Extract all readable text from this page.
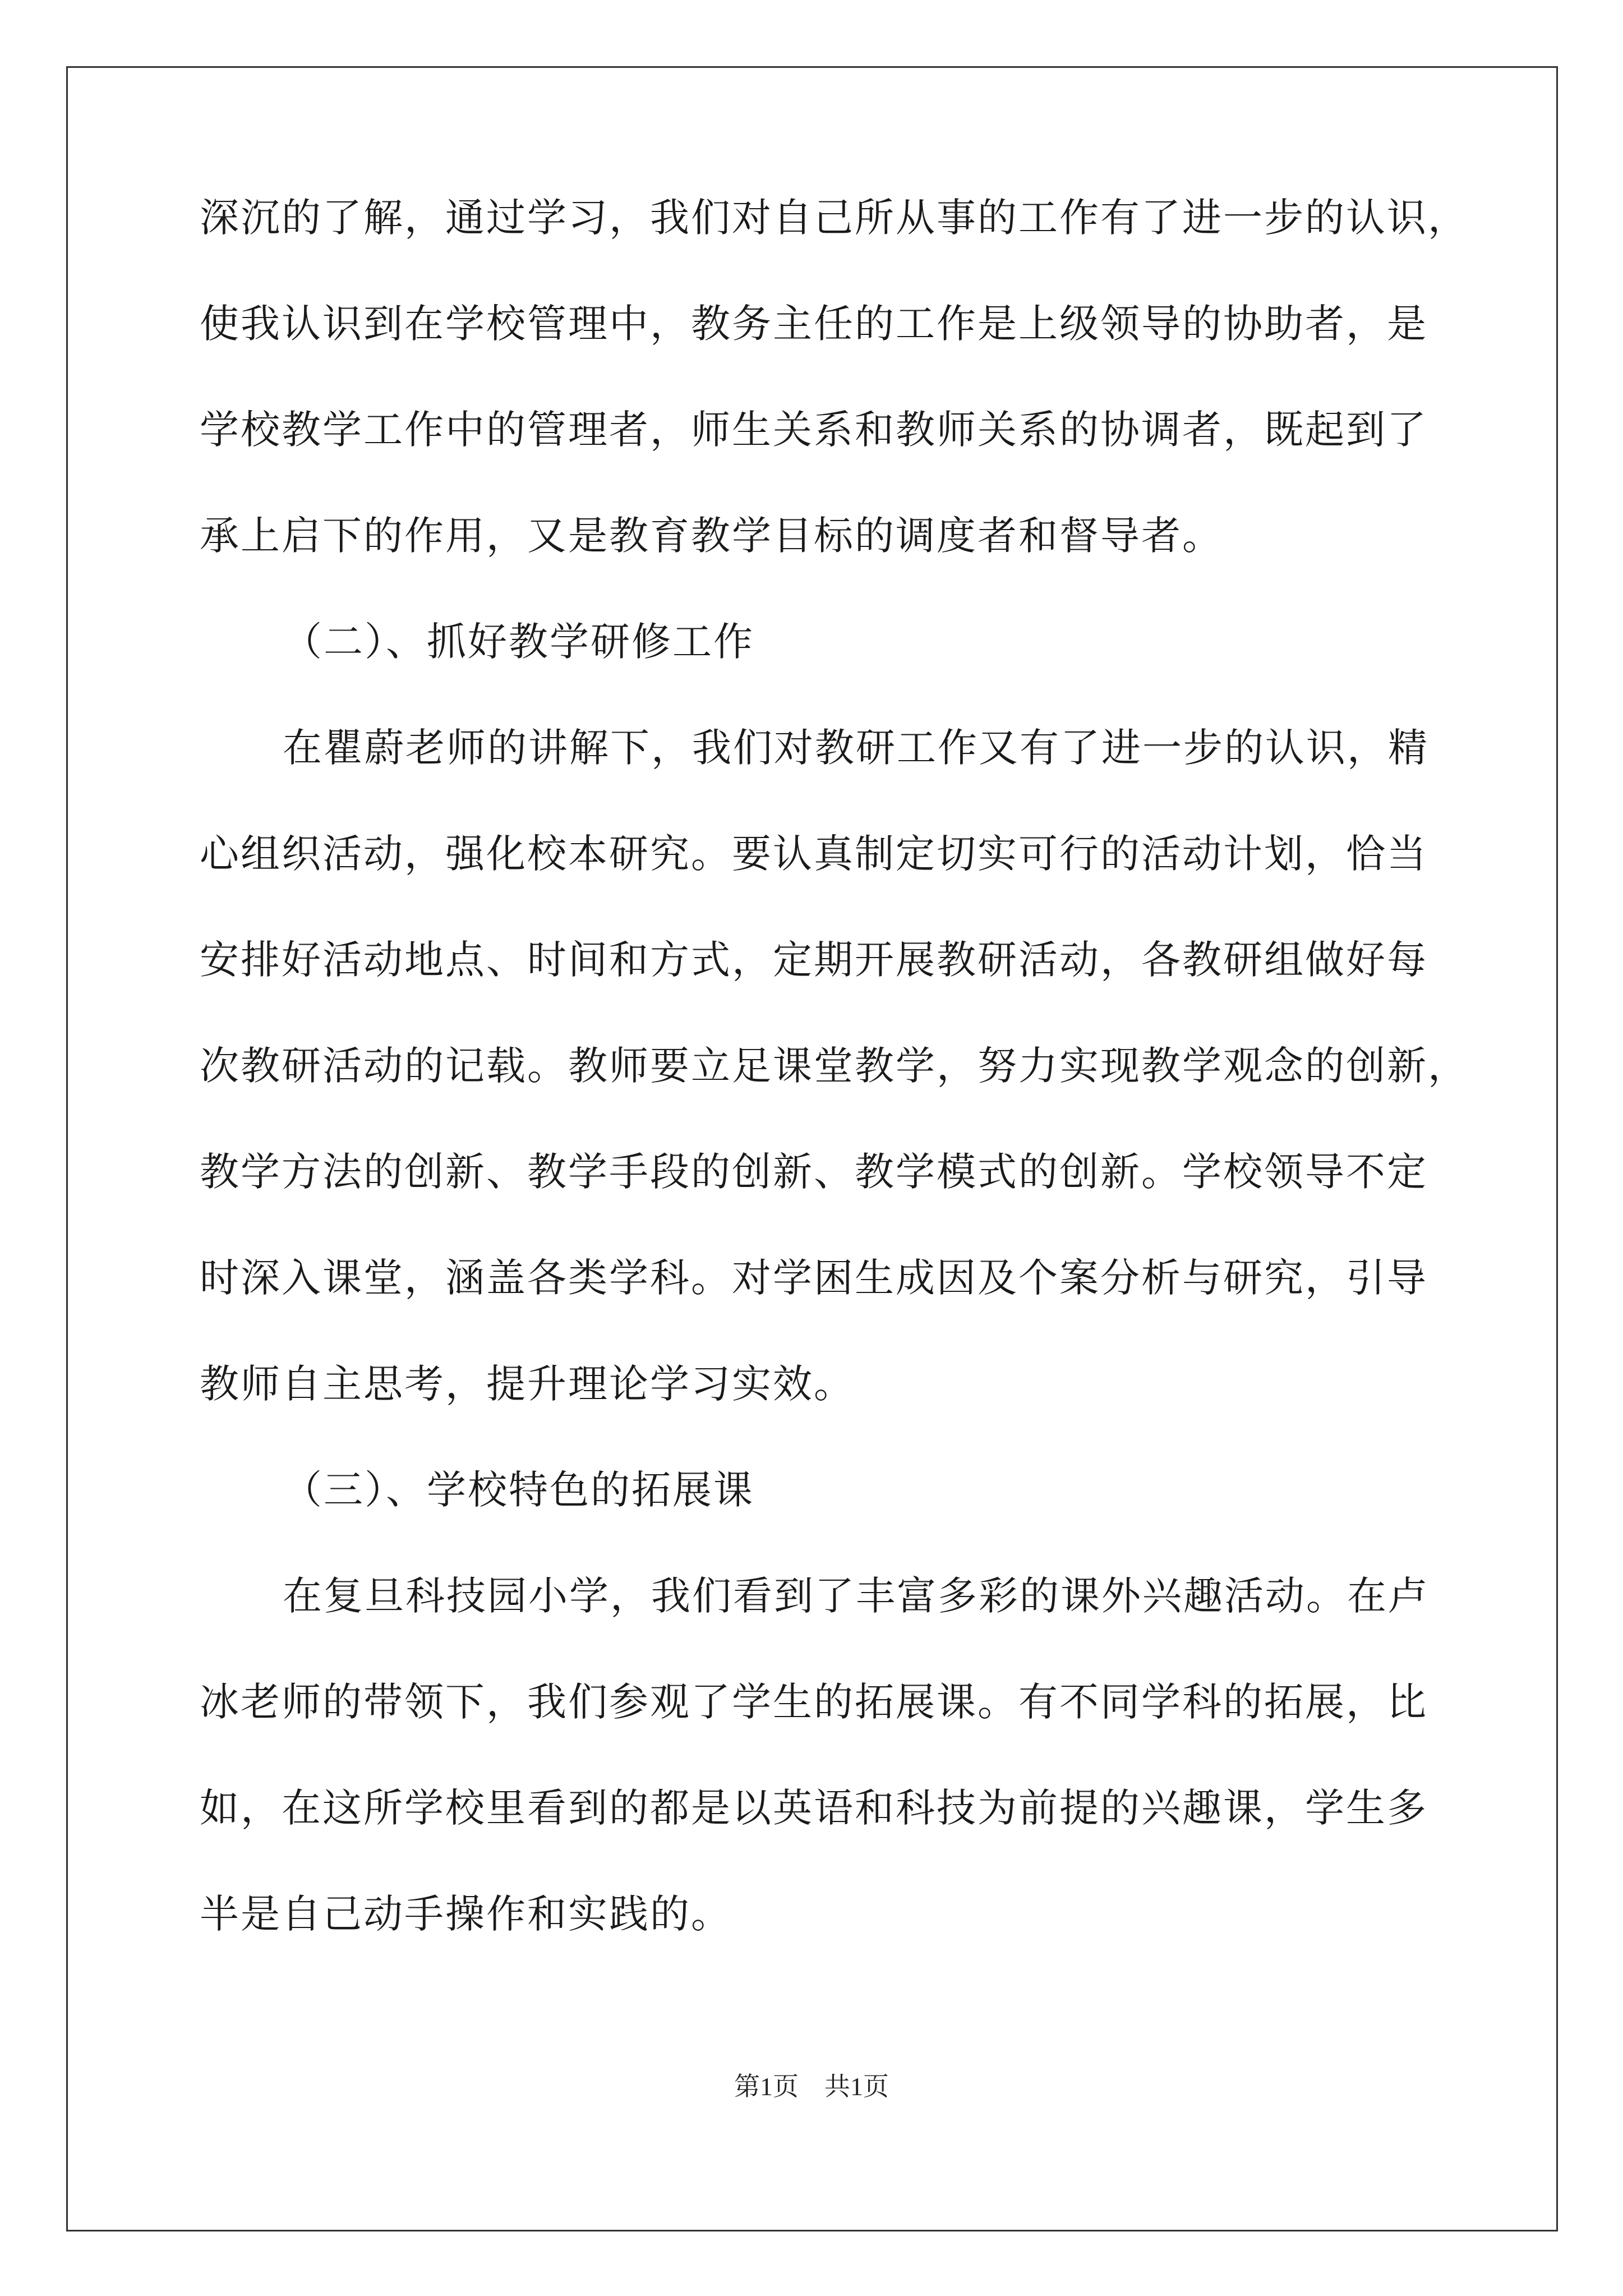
深沉的了解，通过学习，我们对自己所从事的工作有了进一步的认识，
使我认识到在学校管理中，教务主任的工作是上级领导的协助者，是
学校教学工作中的管理者，师生关系和教师关系的协调者，既起到了
承上启下的作用，又是教育教学目标的调度者和督导者。
（二）、抓好教学研修工作
在瞿蔚老师的讲解下，我们对教研工作又有了进一步的认识，精
心组织活动，强化校本研究。要认真制定切实可行的活动计划，恰当
安排好活动地点、时间和方式，定期开展教研活动，各教研组做好每
次教研活动的记载。教师要立足课堂教学，努力实现教学观念的创新，
教学方法的创新、教学手段的创新、教学模式的创新。学校领导不定
时深入课堂，涵盖各类学科。对学困生成因及个案分析与研究，引导
教师自主思考，提升理论学习实效。
（三）、学校特色的拓展课
在复旦科技园小学，我们看到了丰富多彩的课外兴趣活动。在卢
冰老师的带领下，我们参观了学生的拓展课。有不同学科的拓展，比
如，在这所学校里看到的都是以英语和科技为前提的兴趣课，学生多
半是自己动手操作和实践的。
第1页　共1页
